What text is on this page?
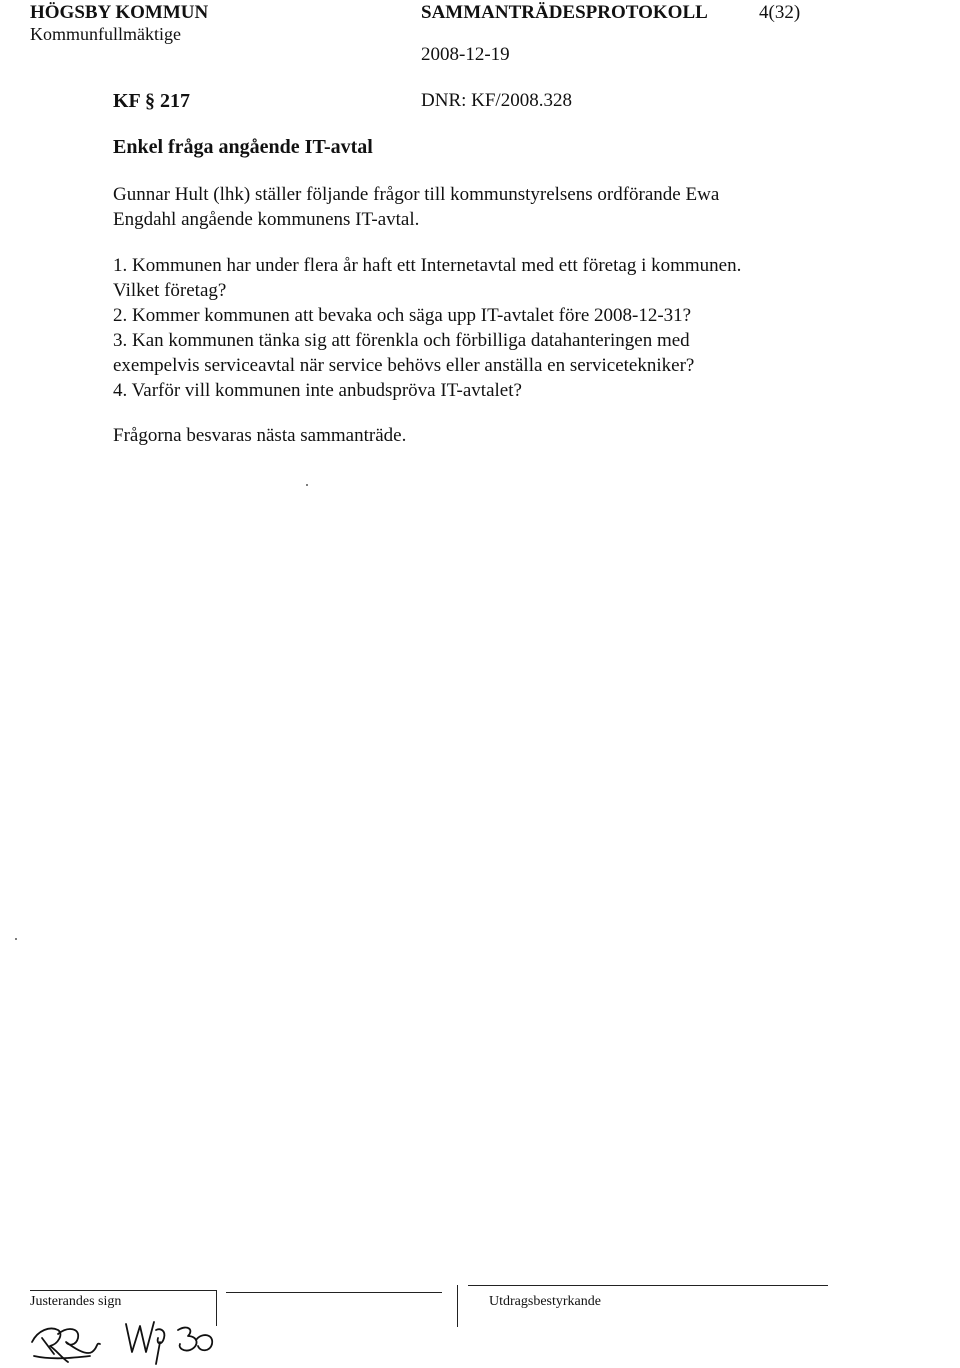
HÖGSBY KOMMUN
Kommunfullmäktige
SAMMANTRÄDESPROTOKOLL	4(32)
2008-12-19
KF § 217	DNR: KF/2008.328
Enkel fråga angående IT-avtal
Gunnar Hult (lhk) ställer följande frågor till kommunstyrelsens ordförande Ewa
Engdahl angående kommunens IT-avtal.
1. Kommunen har under flera år haft ett Internetavtal med ett företag i kommunen.
Vilket företag?
2. Kommer kommunen att bevaka och säga upp IT-avtalet före 2008-12-31?
3. Kan kommunen tänka sig att förenkla och förbilliga datahanteringen med
exempelvis serviceavtal när service behövs eller anställa en servicetekniker?
4. Varför vill kommunen inte anbudspröva IT-avtalet?
Frågorna besvaras nästa sammanträde.
Justerandes sign	Utdragsbestyrkande
